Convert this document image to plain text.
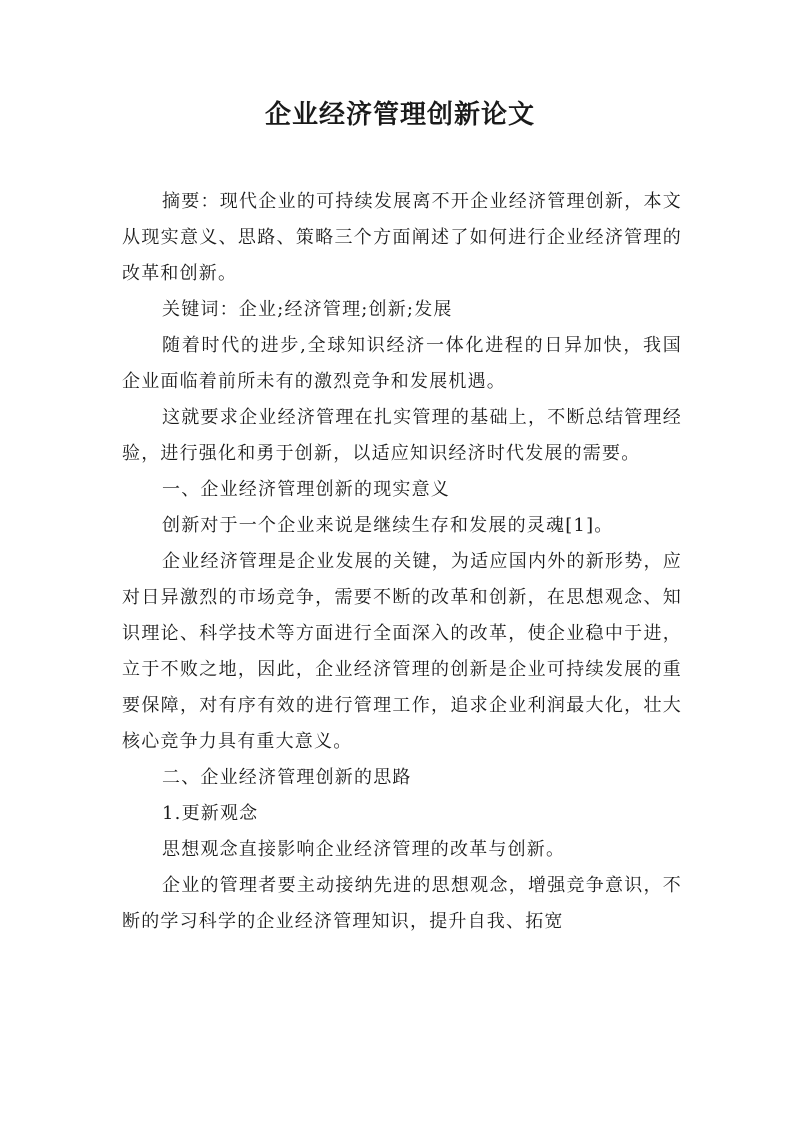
企业经济管理创新论文

摘要：现代企业的可持续发展离不开企业经济管理创新，本文从现实意义、思路、策略三个方面阐述了如何进行企业经济管理的改革和创新。

关键词：企业;经济管理;创新;发展

随着时代的进步,全球知识经济一体化进程的日异加快，我国企业面临着前所未有的激烈竞争和发展机遇。

这就要求企业经济管理在扎实管理的基础上，不断总结管理经验，进行强化和勇于创新，以适应知识经济时代发展的需要。

一、企业经济管理创新的现实意义

创新对于一个企业来说是继续生存和发展的灵魂[1]。

企业经济管理是企业发展的关键，为适应国内外的新形势，应对日异激烈的市场竞争，需要不断的改革和创新，在思想观念、知识理论、科学技术等方面进行全面深入的改革，使企业稳中于进，立于不败之地，因此，企业经济管理的创新是企业可持续发展的重要保障，对有序有效的进行管理工作，追求企业利润最大化，壮大核心竞争力具有重大意义。

二、企业经济管理创新的思路

1.更新观念

思想观念直接影响企业经济管理的改革与创新。

企业的管理者要主动接纳先进的思想观念，增强竞争意识，不断的学习科学的企业经济管理知识，提升自我、拓宽
